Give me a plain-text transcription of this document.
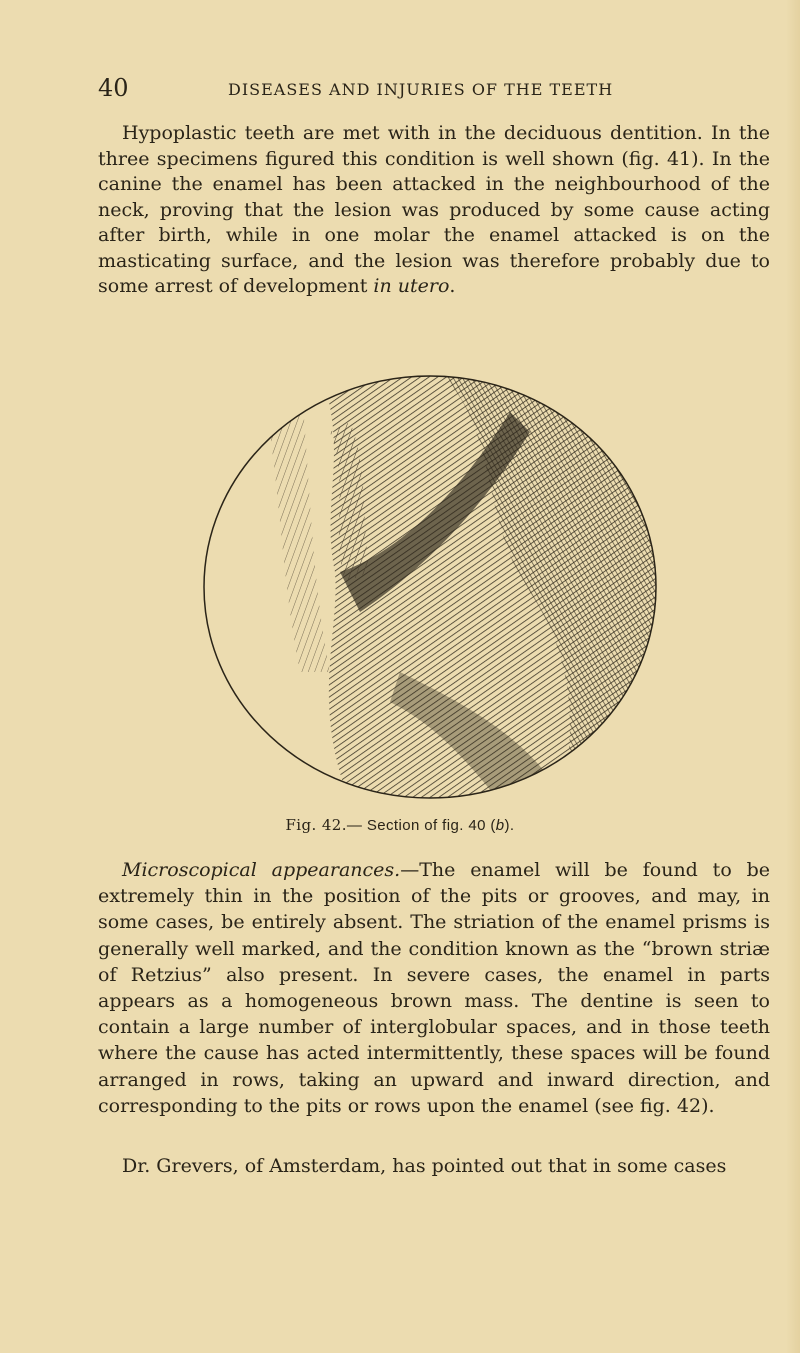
40	DISEASES AND INJURIES OF THE TEETH

Hypoplastic teeth are met with in the deciduous dentition. In the three specimens figured this condition is well shown (fig. 41). In the canine the enamel has been attacked in the neighbourhood of the neck, proving that the lesion was produced by some cause acting after birth, while in one molar the enamel attacked is on the masticating surface, and the lesion was therefore probably due to some arrest of development in utero.

Fig. 42.— Section of fig. 40 (b).

Microscopical appearances.—The enamel will be found to be extremely thin in the position of the pits or grooves, and may, in some cases, be entirely absent. The striation of the enamel prisms is generally well marked, and the condition known as the “brown striæ of Retzius” also present. In severe cases, the enamel in parts appears as a homogeneous brown mass. The dentine is seen to contain a large number of interglobular spaces, and in those teeth where the cause has acted intermittently, these spaces will be found arranged in rows, taking an upward and inward direction, and corresponding to the pits or rows upon the enamel (see fig. 42).

Dr. Grevers, of Amsterdam, has pointed out that in some cases
